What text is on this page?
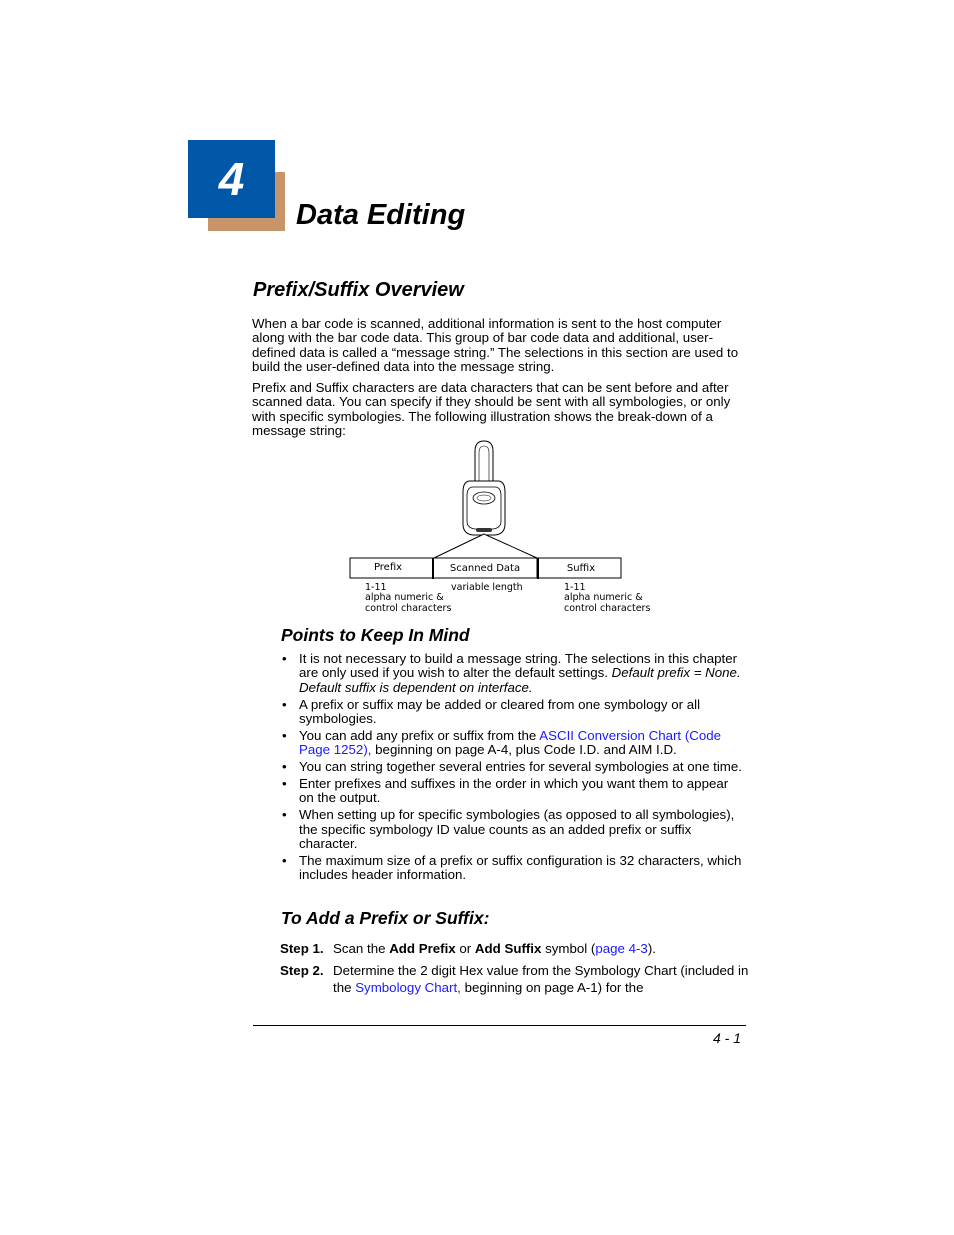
4
Data Editing
Prefix/Suffix Overview

When a bar code is scanned, additional information is sent to the host computer along with the bar code data. This group of bar code data and additional, user-defined data is called a “message string.” The selections in this section are used to build the user-defined data into the message string.

Prefix and Suffix characters are data characters that can be sent before and after scanned data. You can specify if they should be sent with all symbologies, or only with specific symbologies. The following illustration shows the break-down of a message string:

Prefix	Scanned Data	Suffix
1-11
alpha numeric &
control characters
variable length	1-11
alpha numeric &
control characters
Points to Keep In Mind
• It is not necessary to build a message string. The selections in this chapter are only used if you wish to alter the default settings. Default prefix = None. Default suffix is dependent on interface.
• A prefix or suffix may be added or cleared from one symbology or all symbologies.
• You can add any prefix or suffix from the ASCII Conversion Chart (Code Page 1252), beginning on page A-4, plus Code I.D. and AIM I.D.
• You can string together several entries for several symbologies at one time.
• Enter prefixes and suffixes in the order in which you want them to appear on the output.
• When setting up for specific symbologies (as opposed to all symbologies), the specific symbology ID value counts as an added prefix or suffix character.
• The maximum size of a prefix or suffix configuration is 32 characters, which includes header information.
To Add a Prefix or Suffix:
Step 1. Scan the Add Prefix or Add Suffix symbol (page 4-3).
Step 2. Determine the 2 digit Hex value from the Symbology Chart (included in the Symbology Chart, beginning on page A-1) for the
4 - 1
